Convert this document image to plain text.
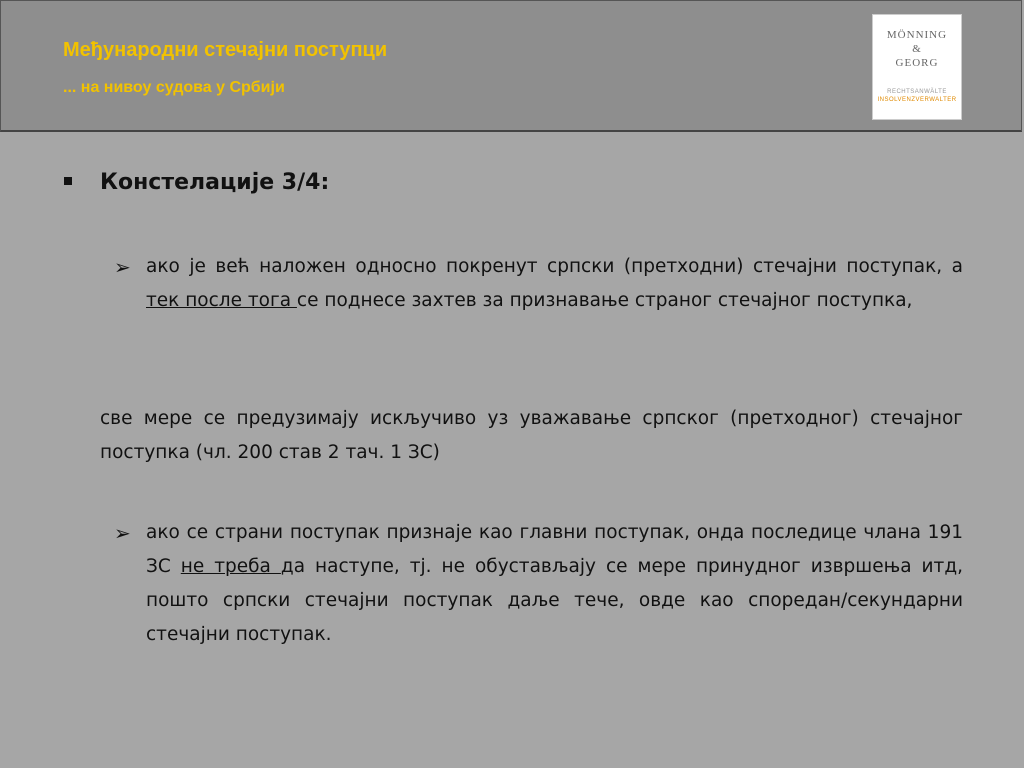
Међународни стечајни поступци
... на нивоу судова у Србији
MÖNNING
&
GEORG
RECHTSANWÄLTE
INSOLVENZVERWALTER
Констелације 3/4:
➢ ако је већ наложен односно покренут српски (претходни) стечајни поступак, а тек после тога се поднесе захтев за признавање страног стечајног поступка,
све мере се предузимају искључиво уз уважавање српског (претходног) стечајног поступка (чл. 200 став 2 тач. 1 ЗС)
➢ ако се страни поступак признаје као главни поступак, онда последице члана 191 ЗС не треба да наступе, тј. не обустављају се мере принудног извршења итд, пошто српски стечајни поступак даље тече, овде као споредан/секундарни стечајни поступак.
